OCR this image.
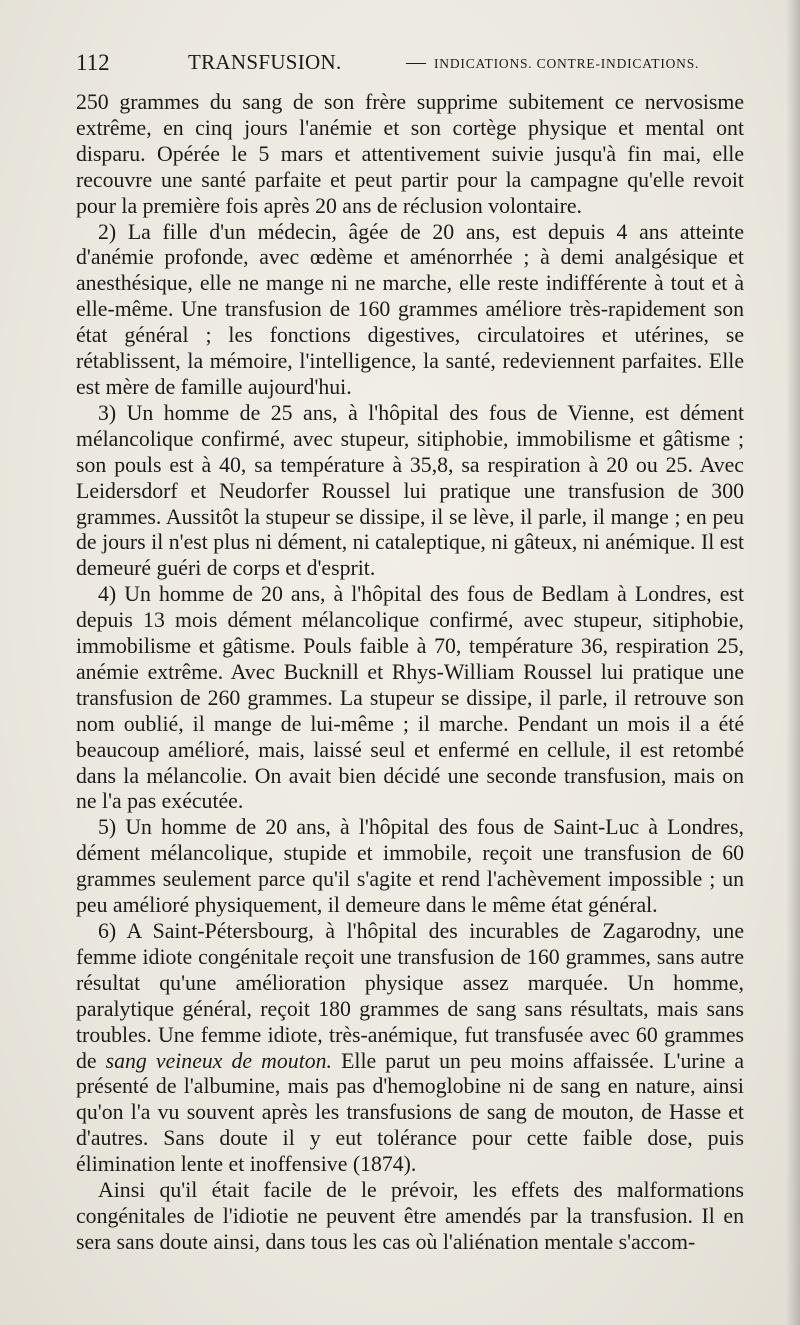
112	TRANSFUSION.	— INDICATIONS. CONTRE-INDICATIONS.

250 grammes du sang de son frère supprime subitement ce nervosisme extrême, en cinq jours l'anémie et son cortège physique et mental ont disparu. Opérée le 5 mars et attentivement suivie jusqu'à fin mai, elle recouvre une santé parfaite et peut partir pour la campagne qu'elle revoit pour la première fois après 20 ans de réclusion volontaire.

2) La fille d'un médecin, âgée de 20 ans, est depuis 4 ans atteinte d'anémie profonde, avec œdème et aménorrhée ; à demi analgésique et anesthésique, elle ne mange ni ne marche, elle reste indifférente à tout et à elle-même. Une transfusion de 160 grammes améliore très-rapidement son état général ; les fonctions digestives, circulatoires et utérines, se rétablissent, la mémoire, l'intelligence, la santé, redeviennent parfaites. Elle est mère de famille aujourd'hui.

3) Un homme de 25 ans, à l'hôpital des fous de Vienne, est dément mélancolique confirmé, avec stupeur, sitiphobie, immobilisme et gâtisme ; son pouls est à 40, sa température à 35,8, sa respiration à 20 ou 25. Avec Leidersdorf et Neudorfer Roussel lui pratique une transfusion de 300 grammes. Aussitôt la stupeur se dissipe, il se lève, il parle, il mange ; en peu de jours il n'est plus ni dément, ni cataleptique, ni gâteux, ni anémique. Il est demeuré guéri de corps et d'esprit.

4) Un homme de 20 ans, à l'hôpital des fous de Bedlam à Londres, est depuis 13 mois dément mélancolique confirmé, avec stupeur, sitiphobie, immobilisme et gâtisme. Pouls faible à 70, température 36, respiration 25, anémie extrême. Avec Bucknill et Rhys-William Roussel lui pratique une transfusion de 260 grammes. La stupeur se dissipe, il parle, il retrouve son nom oublié, il mange de lui-même ; il marche. Pendant un mois il a été beaucoup amélioré, mais, laissé seul et enfermé en cellule, il est retombé dans la mélancolie. On avait bien décidé une seconde transfusion, mais on ne l'a pas exécutée.

5) Un homme de 20 ans, à l'hôpital des fous de Saint-Luc à Londres, dément mélancolique, stupide et immobile, reçoit une transfusion de 60 grammes seulement parce qu'il s'agite et rend l'achèvement impossible ; un peu amélioré physiquement, il demeure dans le même état général.

6) A Saint-Pétersbourg, à l'hôpital des incurables de Zagarodny, une femme idiote congénitale reçoit une transfusion de 160 grammes, sans autre résultat qu'une amélioration physique assez marquée. Un homme, paralytique général, reçoit 180 grammes de sang sans résultats, mais sans troubles. Une femme idiote, très-anémique, fut transfusée avec 60 grammes de sang veineux de mouton. Elle parut un peu moins affaissée. L'urine a présenté de l'albumine, mais pas d'hemoglobine ni de sang en nature, ainsi qu'on l'a vu souvent après les transfusions de sang de mouton, de Hasse et d'autres. Sans doute il y eut tolérance pour cette faible dose, puis élimination lente et inoffensive (1874).

Ainsi qu'il était facile de le prévoir, les effets des malformations congénitales de l'idiotie ne peuvent être amendés par la transfusion. Il en sera sans doute ainsi, dans tous les cas où l'aliénation mentale s'accom-
